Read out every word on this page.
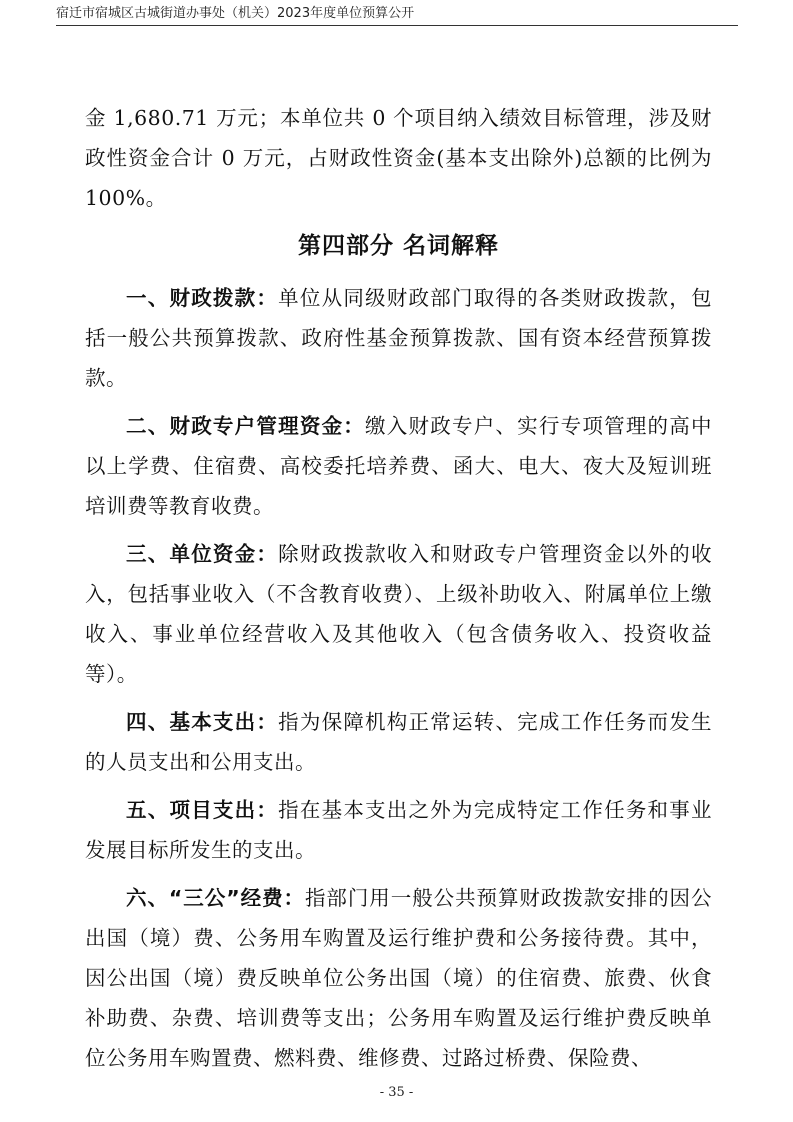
宿迁市宿城区古城街道办事处（机关）2023年度单位预算公开

金 1,680.71 万元；本单位共 0 个项目纳入绩效目标管理，涉及财政性资金合计 0 万元，占财政性资金(基本支出除外)总额的比例为 100%。

第四部分 名词解释

一、财政拨款：单位从同级财政部门取得的各类财政拨款，包括一般公共预算拨款、政府性基金预算拨款、国有资本经营预算拨款。

二、财政专户管理资金：缴入财政专户、实行专项管理的高中以上学费、住宿费、高校委托培养费、函大、电大、夜大及短训班培训费等教育收费。

三、单位资金：除财政拨款收入和财政专户管理资金以外的收入，包括事业收入（不含教育收费）、上级补助收入、附属单位上缴收入、事业单位经营收入及其他收入（包含债务收入、投资收益等）。

四、基本支出：指为保障机构正常运转、完成工作任务而发生的人员支出和公用支出。

五、项目支出：指在基本支出之外为完成特定工作任务和事业发展目标所发生的支出。

六、“三公”经费：指部门用一般公共预算财政拨款安排的因公出国（境）费、公务用车购置及运行维护费和公务接待费。其中，因公出国（境）费反映单位公务出国（境）的住宿费、旅费、伙食补助费、杂费、培训费等支出；公务用车购置及运行维护费反映单位公务用车购置费、燃料费、维修费、过路过桥费、保险费、

- 35 -
